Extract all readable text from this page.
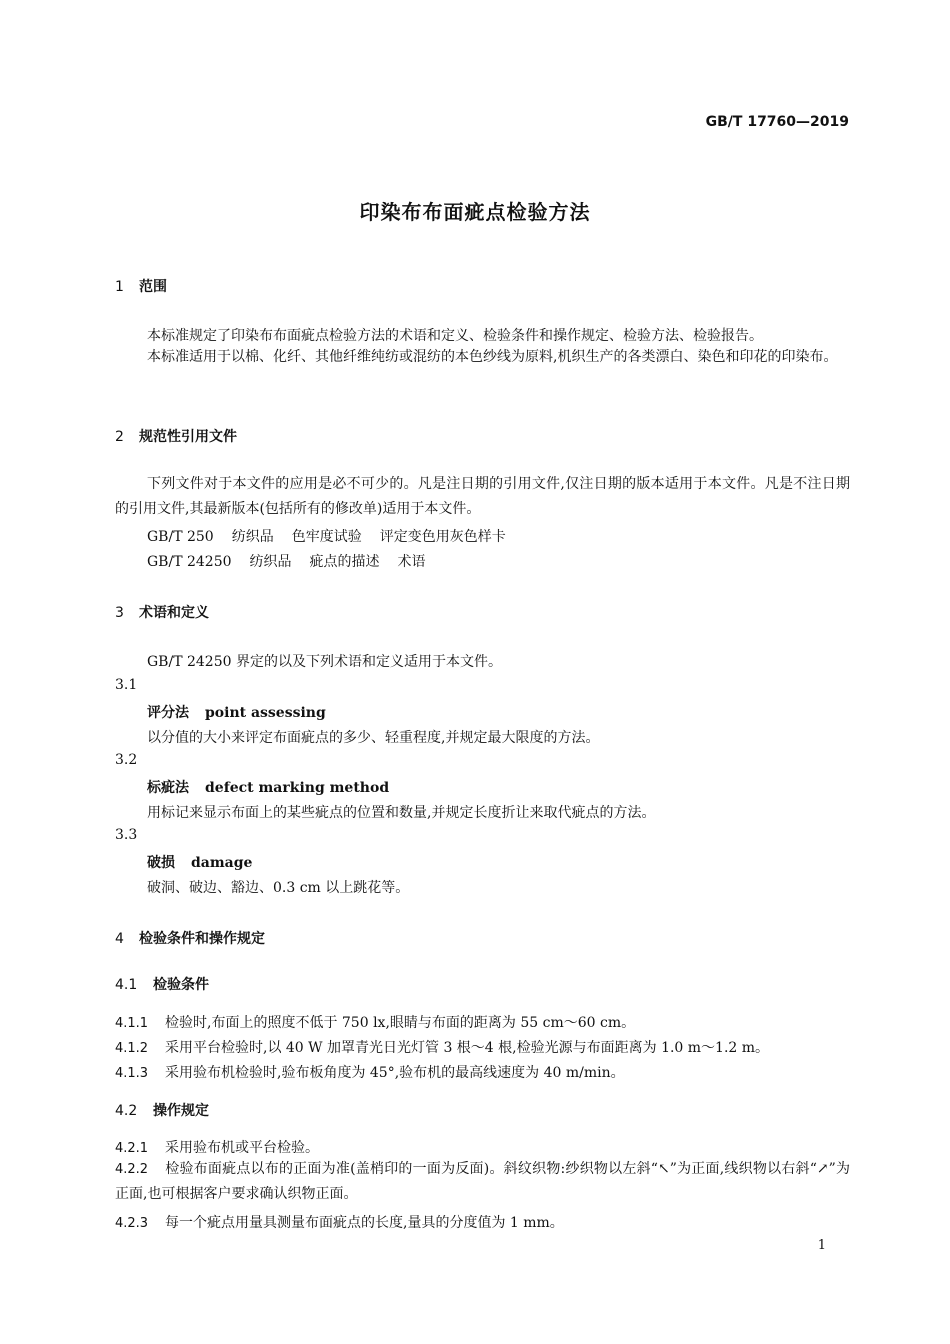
GB/T 17760—2019
印染布布面疵点检验方法
1 范围
本标准规定了印染布布面疵点检验方法的术语和定义、检验条件和操作规定、检验方法、检验报告。
本标准适用于以棉、化纤、其他纤维纯纺或混纺的本色纱线为原料,机织生产的各类漂白、染色和印花的印染布。
2 规范性引用文件
下列文件对于本文件的应用是必不可少的。凡是注日期的引用文件,仅注日期的版本适用于本文件。凡是不注日期的引用文件,其最新版本(包括所有的修改单)适用于本文件。
GB/T 250 纺织品 色牢度试验 评定变色用灰色样卡
GB/T 24250 纺织品 疵点的描述 术语
3 术语和定义
GB/T 24250 界定的以及下列术语和定义适用于本文件。
3.1
评分法 point assessing
以分值的大小来评定布面疵点的多少、轻重程度,并规定最大限度的方法。
3.2
标疵法 defect marking method
用标记来显示布面上的某些疵点的位置和数量,并规定长度折让来取代疵点的方法。
3.3
破损 damage
破洞、破边、豁边、0.3 cm 以上跳花等。
4 检验条件和操作规定
4.1 检验条件
4.1.1 检验时,布面上的照度不低于 750 lx,眼睛与布面的距离为 55 cm～60 cm。
4.1.2 采用平台检验时,以 40 W 加罩青光日光灯管 3 根～4 根,检验光源与布面距离为 1.0 m～1.2 m。
4.1.3 采用验布机检验时,验布板角度为 45°,验布机的最高线速度为 40 m/min。
4.2 操作规定
4.2.1 采用验布机或平台检验。
4.2.2 检验布面疵点以布的正面为准(盖梢印的一面为反面)。斜纹织物:纱织物以左斜“↖”为正面,线织物以右斜“↗”为正面,也可根据客户要求确认织物正面。
4.2.3 每一个疵点用量具测量布面疵点的长度,量具的分度值为 1 mm。
1
